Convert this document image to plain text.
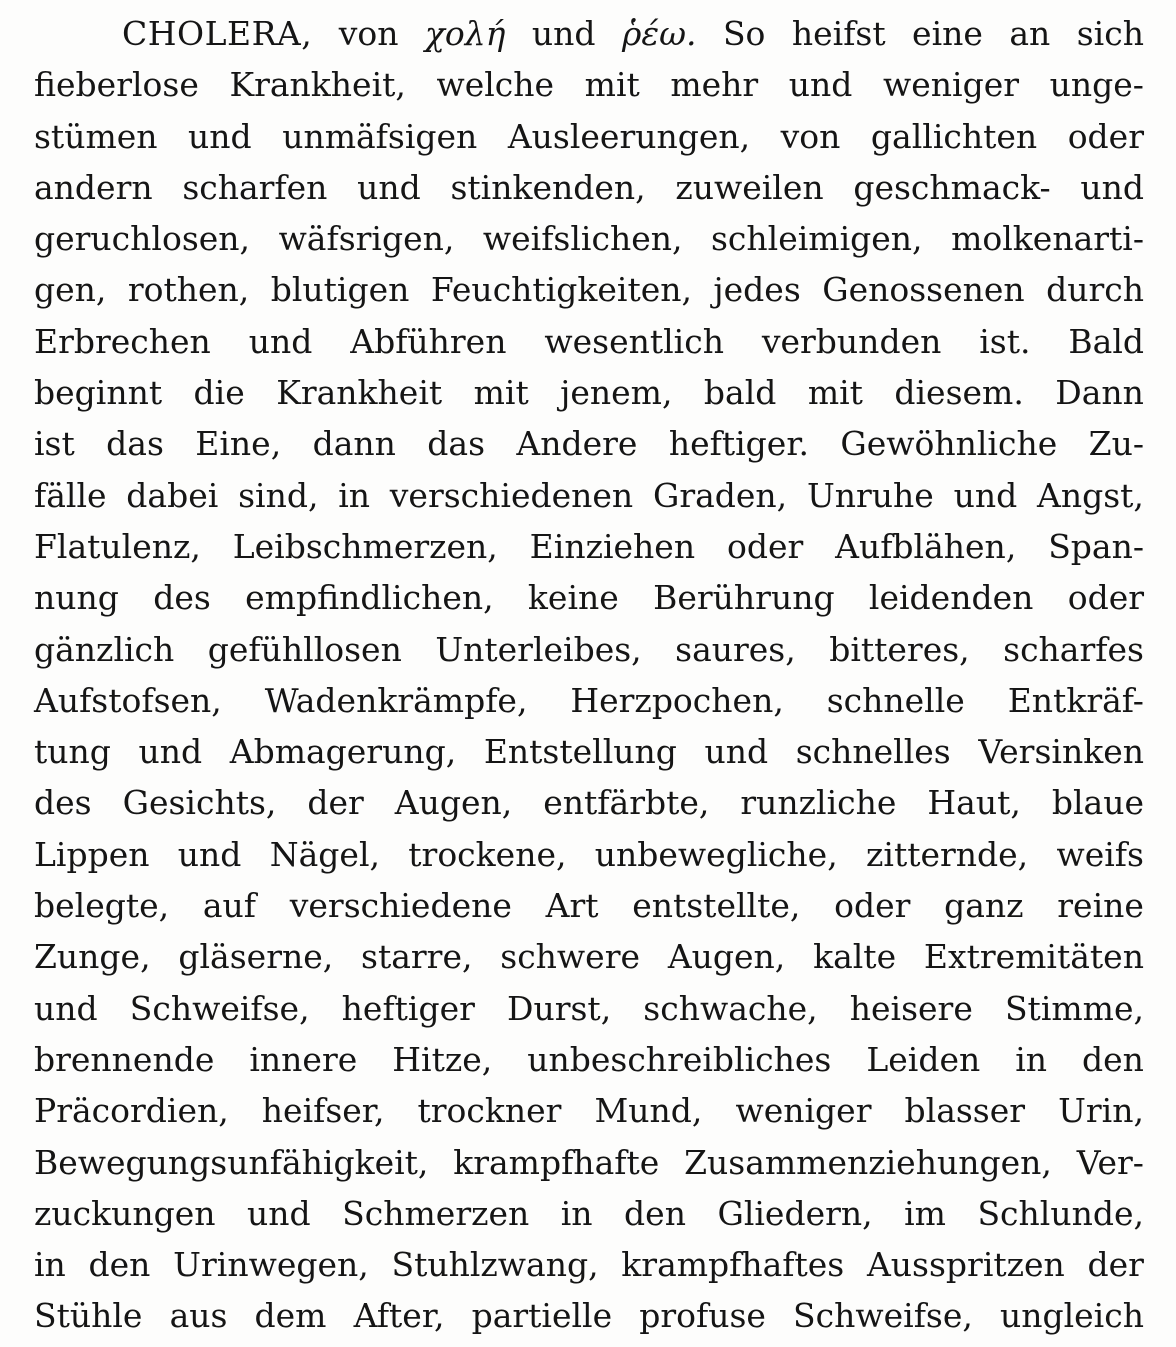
CHOLERA, von χολή und ῥέω. So heifst eine an sich
fieberlose Krankheit, welche mit mehr und weniger unge-
stümen und unmäfsigen Ausleerungen, von gallichten oder
andern scharfen und stinkenden, zuweilen geschmack- und
geruchlosen, wäfsrigen, weifslichen, schleimigen, molkenarti-
gen, rothen, blutigen Feuchtigkeiten, jedes Genossenen durch
Erbrechen und Abführen wesentlich verbunden ist. Bald
beginnt die Krankheit mit jenem, bald mit diesem. Dann
ist das Eine, dann das Andere heftiger. Gewöhnliche Zu-
fälle dabei sind, in verschiedenen Graden, Unruhe und Angst,
Flatulenz, Leibschmerzen, Einziehen oder Aufblähen, Span-
nung des empfindlichen, keine Berührung leidenden oder
gänzlich gefühllosen Unterleibes, saures, bitteres, scharfes
Aufstofsen, Wadenkrämpfe, Herzpochen, schnelle Entkräf-
tung und Abmagerung, Entstellung und schnelles Versinken
des Gesichts, der Augen, entfärbte, runzliche Haut, blaue
Lippen und Nägel, trockene, unbewegliche, zitternde, weifs
belegte, auf verschiedene Art entstellte, oder ganz reine
Zunge, gläserne, starre, schwere Augen, kalte Extremitäten
und Schweifse, heftiger Durst, schwache, heisere Stimme,
brennende innere Hitze, unbeschreibliches Leiden in den
Präcordien, heifser, trockner Mund, weniger blasser Urin,
Bewegungsunfähigkeit, krampfhafte Zusammenziehungen, Ver-
zuckungen und Schmerzen in den Gliedern, im Schlunde,
in den Urinwegen, Stuhlzwang, krampfhaftes Ausspritzen der
Stühle aus dem After, partielle profuse Schweifse, ungleich
